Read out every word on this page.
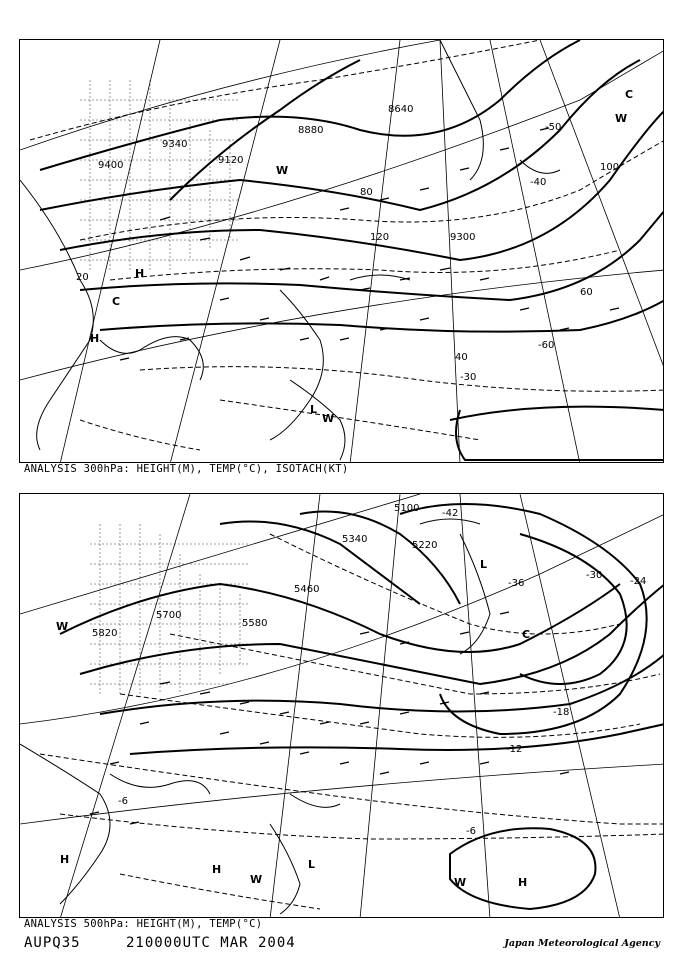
9400
9340
9120
8880
8640
9300
20
40
60
80
100
120
-30
-40
-50
-60
H
C
H
L
W
W
C
W
ANALYSIS 300hPa: HEIGHT(M), TEMP(°C), ISOTACH(KT)
5700
5820
5580
5460
5340
5220
5100
-6
-12
-18
-24
-30
-36
-42
-6
W
L
C
H
H
W
L
W	H
ANALYSIS 500hPa: HEIGHT(M), TEMP(°C)
AUPQ35	210000UTC MAR 2004	Japan Meteorological Agency
